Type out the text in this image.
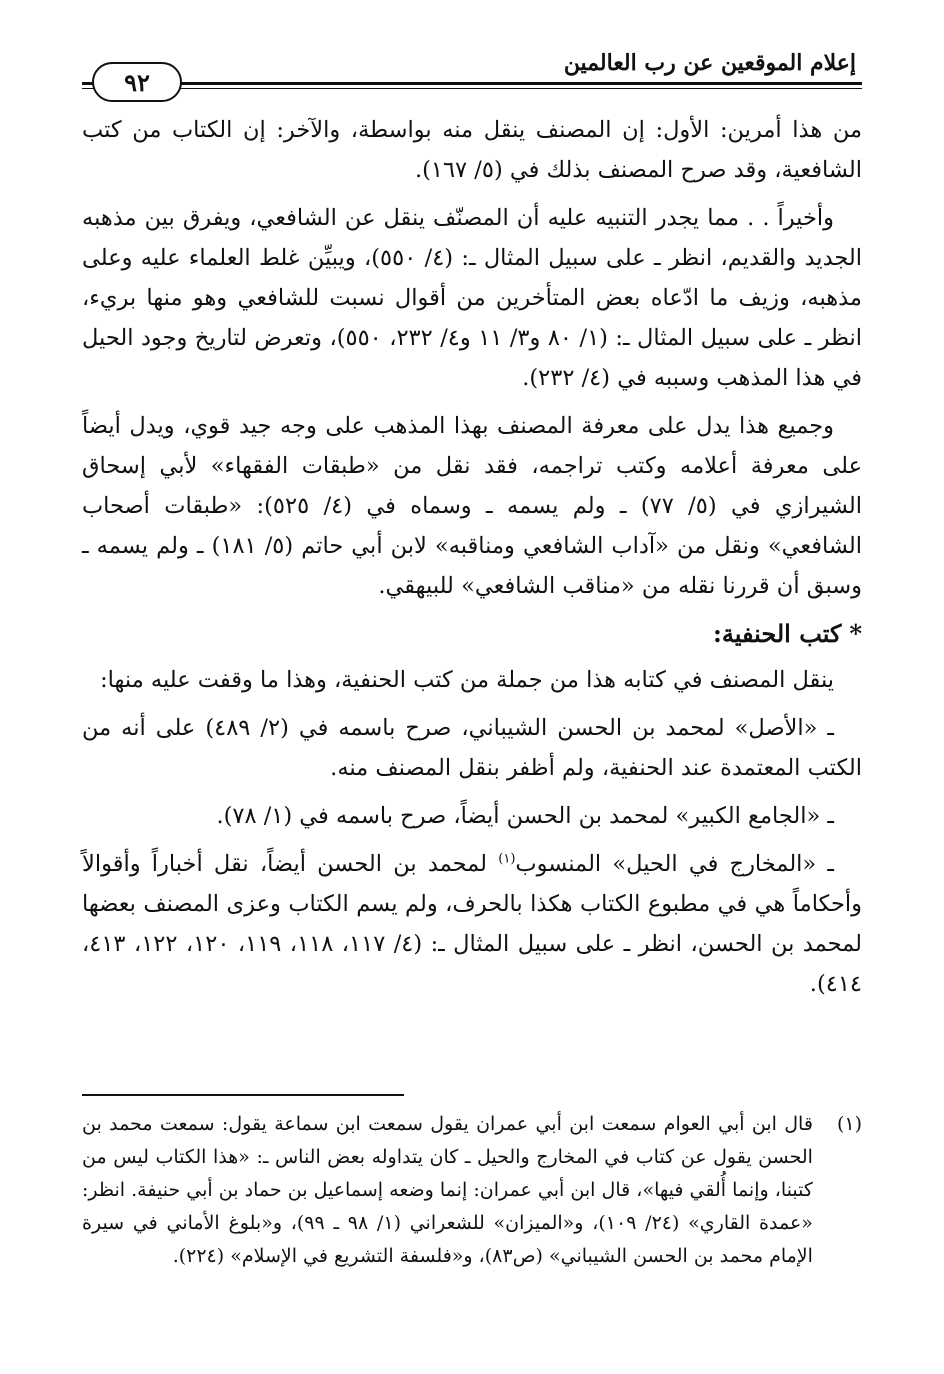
إعلام الموقعين عن رب العالمين
٩٢

من هذا أمرين: الأول: إن المصنف ينقل منه بواسطة، والآخر: إن الكتاب من كتب الشافعية، وقد صرح المصنف بذلك في (٥/ ١٦٧).

وأخيراً . . مما يجدر التنبيه عليه أن المصنّف ينقل عن الشافعي، ويفرق بين مذهبه الجديد والقديم، انظر ـ على سبيل المثال ـ: (٤/ ٥٥٠)، ويبيِّن غلط العلماء عليه وعلى مذهبه، وزيف ما ادّعاه بعض المتأخرين من أقوال نسبت للشافعي وهو منها بريء، انظر ـ على سبيل المثال ـ: (١/ ٨٠ و٣/ ١١ و٤/ ٢٣٢، ٥٥٠)، وتعرض لتاريخ وجود الحيل في هذا المذهب وسببه في (٤/ ٢٣٢).

وجميع هذا يدل على معرفة المصنف بهذا المذهب على وجه جيد قوي، ويدل أيضاً على معرفة أعلامه وكتب تراجمه، فقد نقل من «طبقات الفقهاء» لأبي إسحاق الشيرازي في (٥/ ٧٧) ـ ولم يسمه ـ وسماه في (٤/ ٥٢٥): «طبقات أصحاب الشافعي» ونقل من «آداب الشافعي ومناقبه» لابن أبي حاتم (٥/ ١٨١) ـ ولم يسمه ـ وسبق أن قررنا نقله من «مناقب الشافعي» للبيهقي.

*كتب الحنفية:

ينقل المصنف في كتابه هذا من جملة من كتب الحنفية، وهذا ما وقفت عليه منها:

ـ «الأصل» لمحمد بن الحسن الشيباني، صرح باسمه في (٢/ ٤٨٩) على أنه من الكتب المعتمدة عند الحنفية، ولم أظفر بنقل المصنف منه.

ـ «الجامع الكبير» لمحمد بن الحسن أيضاً، صرح باسمه في (١/ ٧٨).

ـ «المخارج في الحيل» المنسوب$^{(١)}$ لمحمد بن الحسن أيضاً، نقل أخباراً وأقوالاً وأحكاماً هي في مطبوع الكتاب هكذا بالحرف، ولم يسم الكتاب وعزى المصنف بعضها لمحمد بن الحسن، انظر ـ على سبيل المثال ـ: (٤/ ١١٧، ١١٨، ١١٩، ١٢٠، ١٢٢، ٤١٣، ٤١٤).

(١)
قال ابن أبي العوام سمعت ابن أبي عمران يقول سمعت ابن سماعة يقول: سمعت محمد بن الحسن يقول عن كتاب في المخارج والحيل ـ كان يتداوله بعض الناس ـ: «هذا الكتاب ليس من كتبنا، وإنما أُلقي فيها»، قال ابن أبي عمران: إنما وضعه إسماعيل بن حماد بن أبي حنيفة. انظر: «عمدة القاري» (٢٤/ ١٠٩)، و«الميزان» للشعراني (١/ ٩٨ ـ ٩٩)، و«بلوغ الأماني في سيرة الإمام محمد بن الحسن الشيباني» (ص٨٣)، و«فلسفة التشريع في الإسلام» (٢٢٤).
